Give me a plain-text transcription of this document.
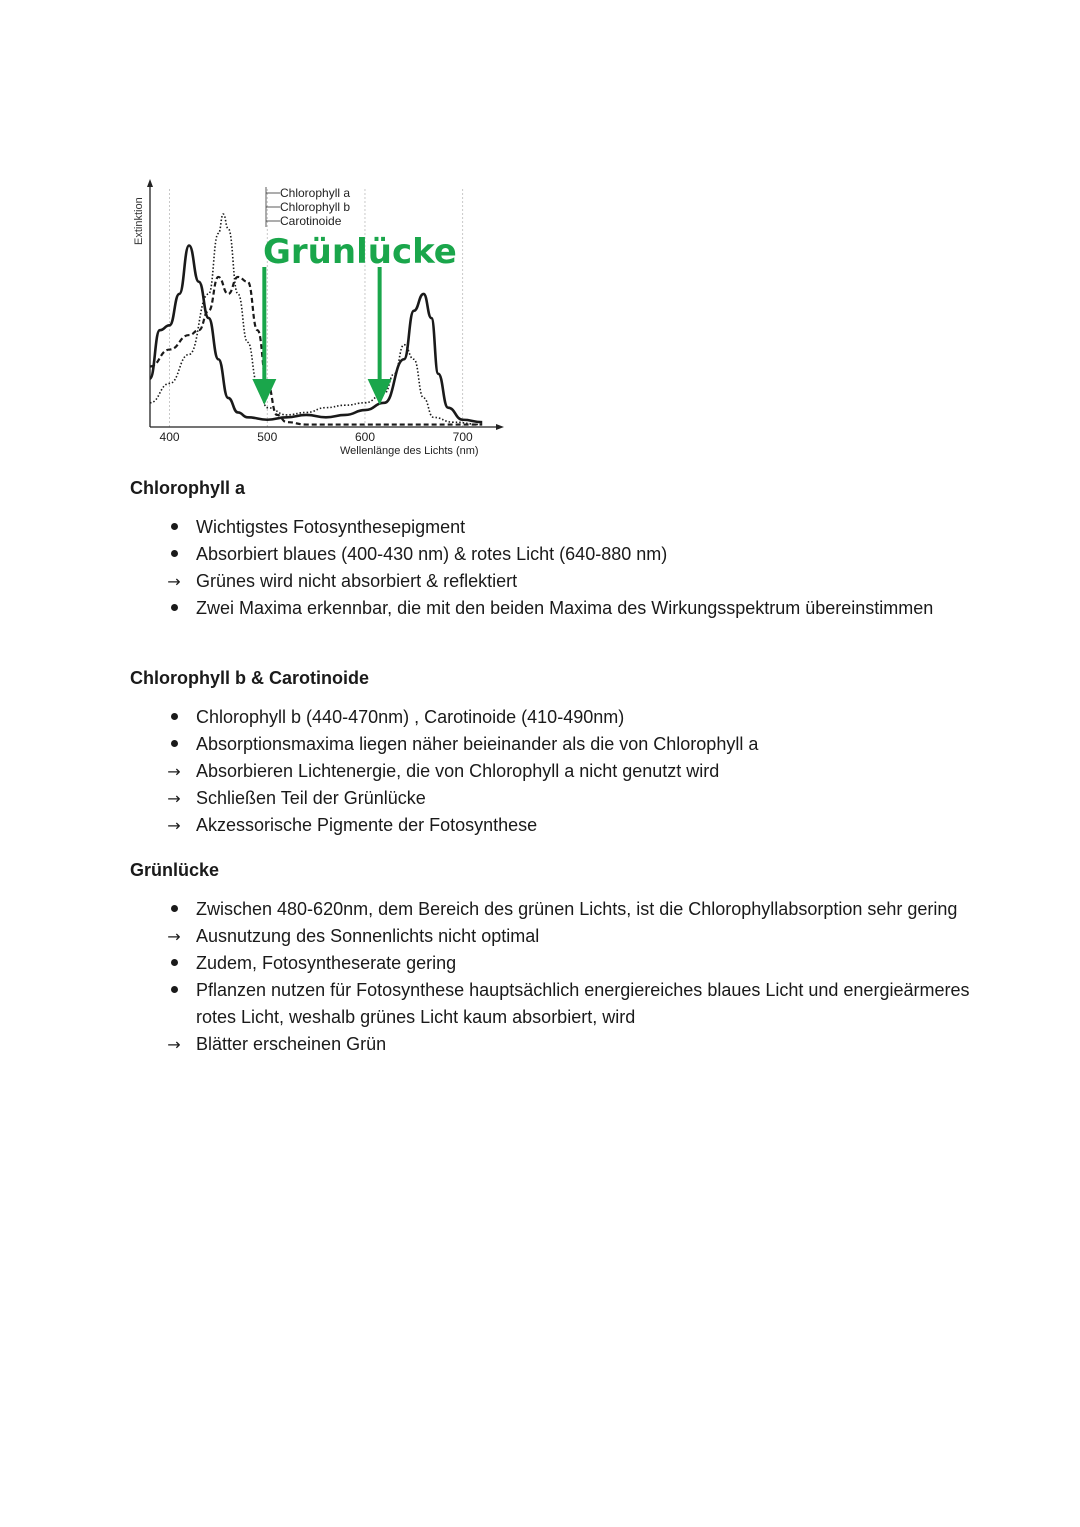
Extinktion
Chlorophyll a
Chlorophyll b
Carotinoide
Grünlücke
400	500	600	700
Wellenlänge des Lichts (nm)
Chlorophyll a
Wichtigstes Fotosynthesepigment
Absorbiert blaues (400-430 nm) & rotes Licht (640-880 nm)
→ Grünes wird nicht absorbiert & reflektiert
Zwei Maxima erkennbar, die mit den beiden Maxima des Wirkungsspektrum übereinstimmen
Chlorophyll b & Carotinoide
Chlorophyll b (440-470nm) , Carotinoide (410-490nm)
Absorptionsmaxima liegen näher beieinander als die von Chlorophyll a
→ Absorbieren Lichtenergie, die von Chlorophyll a nicht genutzt wird
→ Schließen Teil der Grünlücke
→ Akzessorische Pigmente der Fotosynthese
Grünlücke
Zwischen 480-620nm, dem Bereich des grünen Lichts, ist die Chlorophyllabsorption sehr gering
→ Ausnutzung des Sonnenlichts nicht optimal
Zudem, Fotosyntheserate gering
Pflanzen nutzen für Fotosynthese hauptsächlich energiereiches blaues Licht und energieärmeres rotes Licht, weshalb grünes Licht kaum absorbiert, wird
→ Blätter erscheinen Grün
